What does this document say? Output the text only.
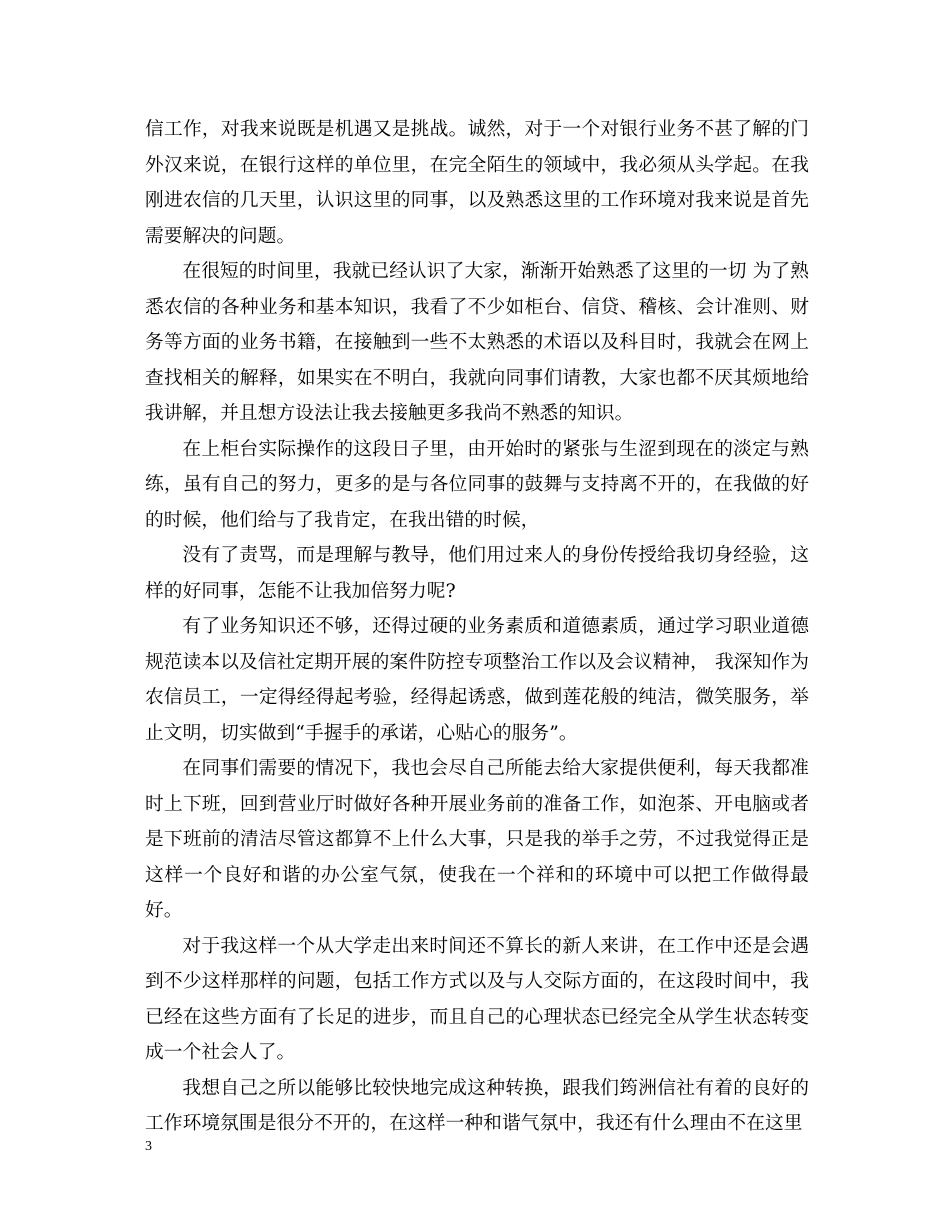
信工作，对我来说既是机遇又是挑战。诚然，对于一个对银行业务不甚了解的门外汉来说，在银行这样的单位里，在完全陌生的领域中，我必须从头学起。在我刚进农信的几天里，认识这里的同事，以及熟悉这里的工作环境对我来说是首先需要解决的问题。

在很短的时间里，我就已经认识了大家，渐渐开始熟悉了这里的一切 为了熟悉农信的各种业务和基本知识，我看了不少如柜台、信贷、稽核、会计准则、财务等方面的业务书籍，在接触到一些不太熟悉的术语以及科目时，我就会在网上查找相关的解释，如果实在不明白，我就向同事们请教，大家也都不厌其烦地给我讲解，并且想方设法让我去接触更多我尚不熟悉的知识。

在上柜台实际操作的这段日子里，由开始时的紧张与生涩到现在的淡定与熟练，虽有自己的努力，更多的是与各位同事的鼓舞与支持离不开的，在我做的好的时候，他们给与了我肯定，在我出错的时候，

没有了责骂，而是理解与教导，他们用过来人的身份传授给我切身经验，这样的好同事，怎能不让我加倍努力呢?

有了业务知识还不够，还得过硬的业务素质和道德素质，通过学习职业道德规范读本以及信社定期开展的案件防控专项整治工作以及会议精神， 我深知作为农信员工，一定得经得起考验，经得起诱惑，做到莲花般的纯洁，微笑服务，举止文明，切实做到“手握手的承诺，心贴心的服务”。

在同事们需要的情况下，我也会尽自己所能去给大家提供便利，每天我都准时上下班，回到营业厅时做好各种开展业务前的准备工作，如泡茶、开电脑或者是下班前的清洁尽管这都算不上什么大事，只是我的举手之劳，不过我觉得正是这样一个良好和谐的办公室气氛，使我在一个祥和的环境中可以把工作做得最好。

对于我这样一个从大学走出来时间还不算长的新人来讲，在工作中还是会遇到不少这样那样的问题，包括工作方式以及与人交际方面的，在这段时间中，我已经在这些方面有了长足的进步，而且自己的心理状态已经完全从学生状态转变成一个社会人了。

我想自己之所以能够比较快地完成这种转换，跟我们筠洲信社有着的良好的工作环境氛围是很分不开的，在这样一种和谐气氛中，我还有什么理由不在这里

3
